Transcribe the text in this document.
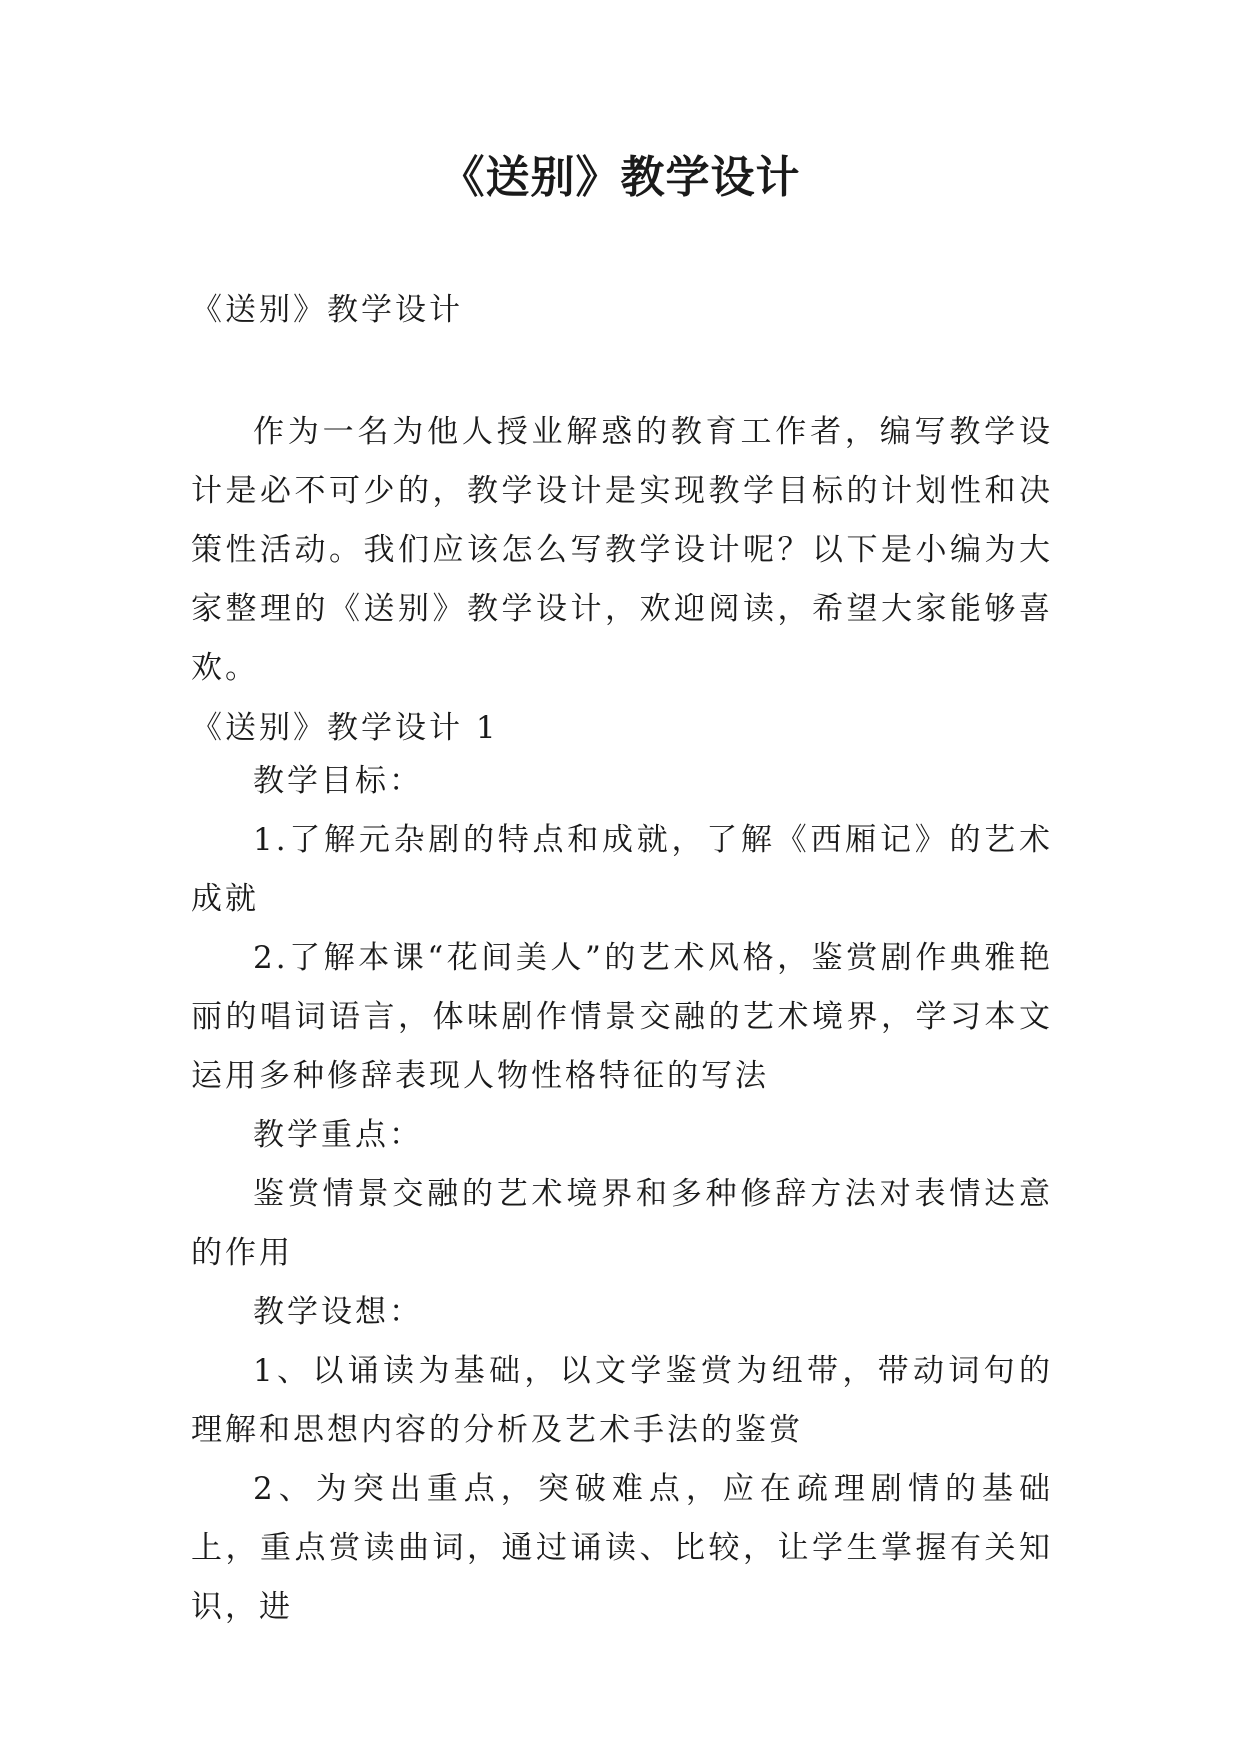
《送别》教学设计

《送别》教学设计

作为一名为他人授业解惑的教育工作者，编写教学设计是必不可少的，教学设计是实现教学目标的计划性和决策性活动。我们应该怎么写教学设计呢？以下是小编为大家整理的《送别》教学设计，欢迎阅读，希望大家能够喜欢。

《送别》教学设计 1

教学目标：

1.了解元杂剧的特点和成就，了解《西厢记》的艺术成就

2.了解本课“花间美人”的艺术风格，鉴赏剧作典雅艳丽的唱词语言，体味剧作情景交融的艺术境界，学习本文运用多种修辞表现人物性格特征的写法

教学重点：

鉴赏情景交融的艺术境界和多种修辞方法对表情达意的作用

教学设想：

1、以诵读为基础，以文学鉴赏为纽带，带动词句的理解和思想内容的分析及艺术手法的鉴赏

2、为突出重点，突破难点，应在疏理剧情的基础上，重点赏读曲词，通过诵读、比较，让学生掌握有关知识，进
